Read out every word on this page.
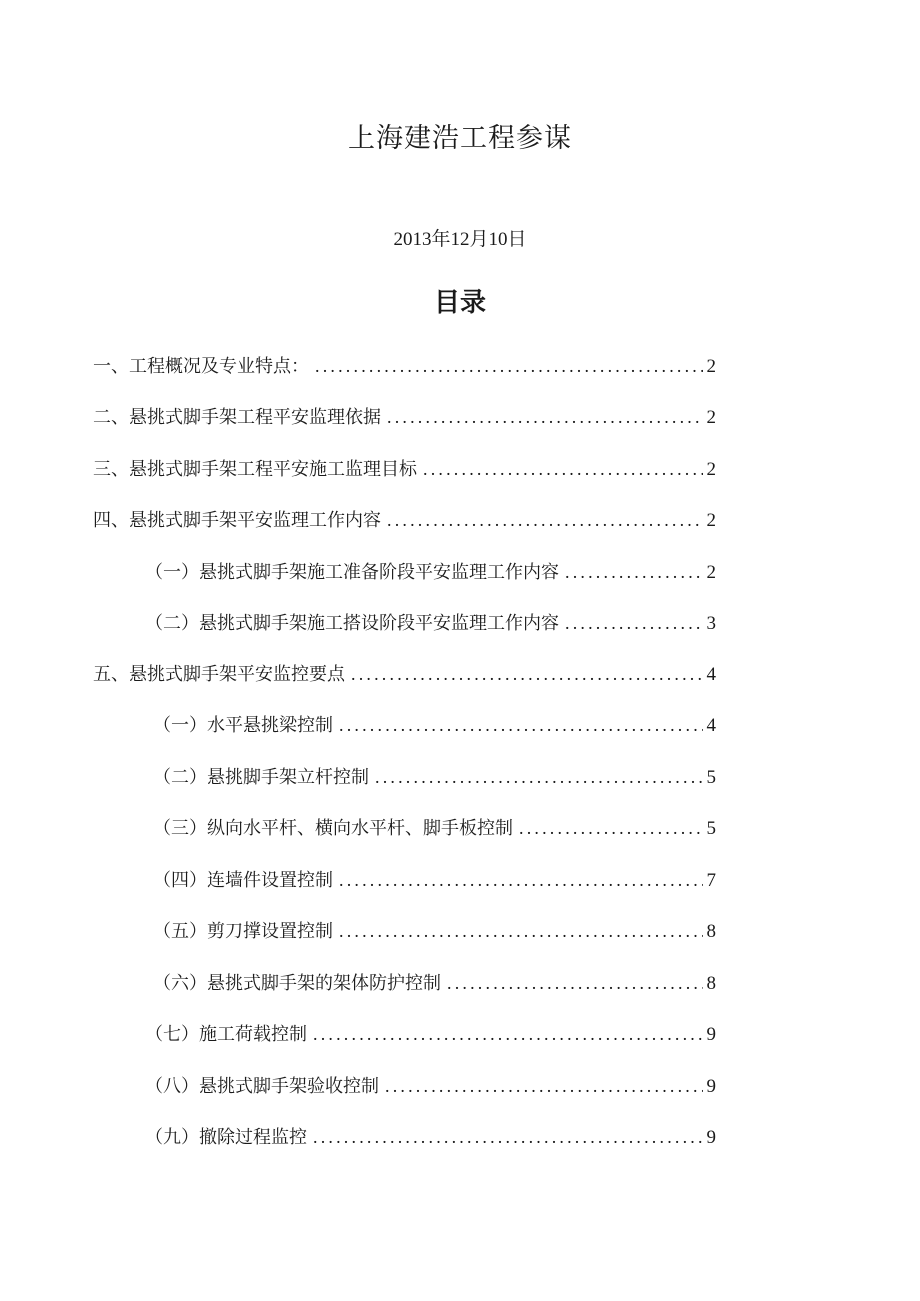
上海建浩工程参谋
2013年12月10日
目录
一、工程概况及专业特点： .....	2
二、悬挑式脚手架工程平安监理依据 .....	2
三、悬挑式脚手架工程平安施工监理目标 .....	2
四、悬挑式脚手架平安监理工作内容 .....	2
（一）悬挑式脚手架施工准备阶段平安监理工作内容 .....	2
（二）悬挑式脚手架施工搭设阶段平安监理工作内容 .....	3
五、悬挑式脚手架平安监控要点 .....	4
（一）水平悬挑梁控制 .....	4
（二）悬挑脚手架立杆控制 .....	5
（三）纵向水平杆、横向水平杆、脚手板控制 .....	5
（四）连墙件设置控制 .....	7
（五）剪刀撑设置控制 .....	8
（六）悬挑式脚手架的架体防护控制 .....	8
（七）施工荷载控制 .....	9
（八）悬挑式脚手架验收控制 .....	9
（九）撤除过程监控 .....	9
